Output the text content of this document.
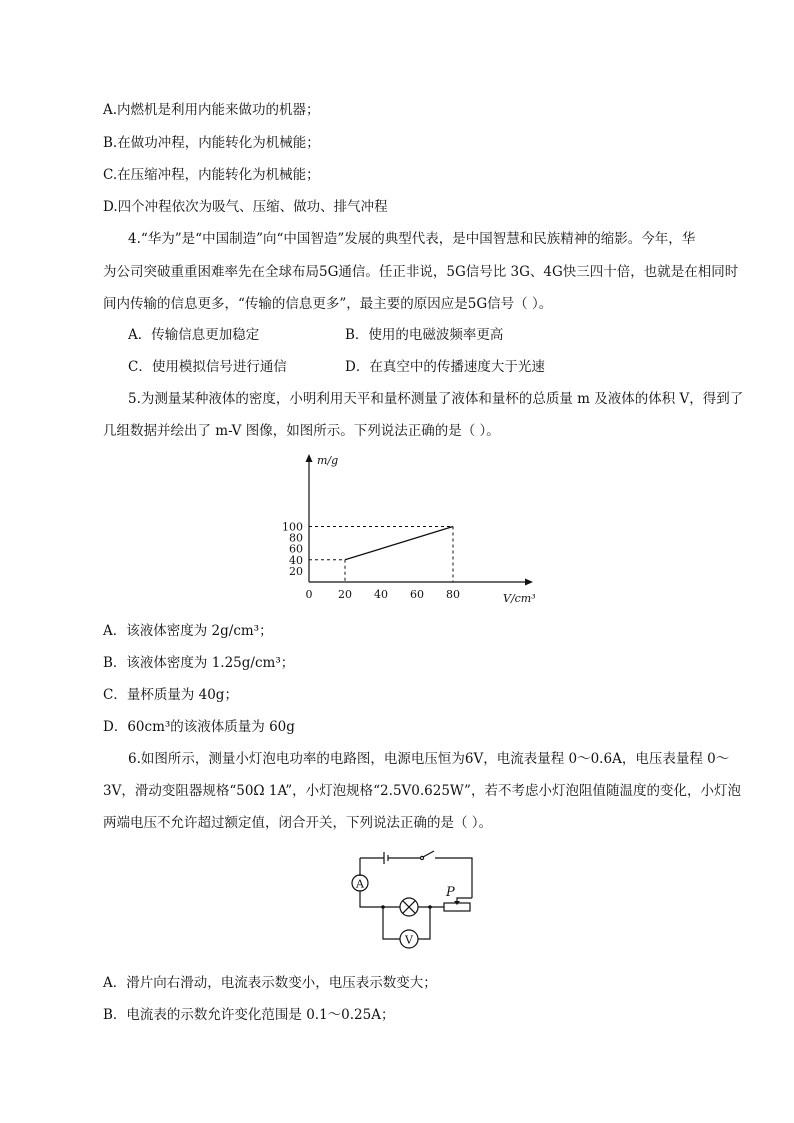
A.内燃机是利用内能来做功的机器；
B.在做功冲程，内能转化为机械能；
C.在压缩冲程，内能转化为机械能；
D.四个冲程依次为吸气、压缩、做功、排气冲程
4.“华为”是“中国制造”向“中国智造”发展的典型代表，是中国智慧和民族精神的缩影。今年，华
为公司突破重重困难率先在全球布局5G通信。任正非说，5G信号比 3G、4G快三四十倍，也就是在相同时
间内传输的信息更多，“传输的信息更多”，最主要的原因应是5G信号（ ）。
A．传输信息更加稳定	B．使用的电磁波频率更高
C．使用模拟信号进行通信	D．在真空中的传播速度大于光速
5.为测量某种液体的密度，小明利用天平和量杯测量了液体和量杯的总质量 m 及液体的体积 V，得到了
几组数据并绘出了 m-V 图像，如图所示。下列说法正确的是（ ）。
m/g
V/cm³
0 20 40 60 80
20
40
60
80
100
A．该液体密度为 2g/cm³；
B．该液体密度为 1.25g/cm³；
C．量杯质量为 40g；
D．60cm³的该液体质量为 60g
6.如图所示，测量小灯泡电功率的电路图，电源电压恒为6V，电流表量程 0～0.6A，电压表量程 0～
3V，滑动变阻器规格“50Ω 1A”，小灯泡规格“2.5V0.625W”，若不考虑小灯泡阻值随温度的变化，小灯泡
两端电压不允许超过额定值，闭合开关，下列说法正确的是（ ）。
A
V
P
A．滑片向右滑动，电流表示数变小，电压表示数变大；
B．电流表的示数允许变化范围是 0.1～0.25A；
